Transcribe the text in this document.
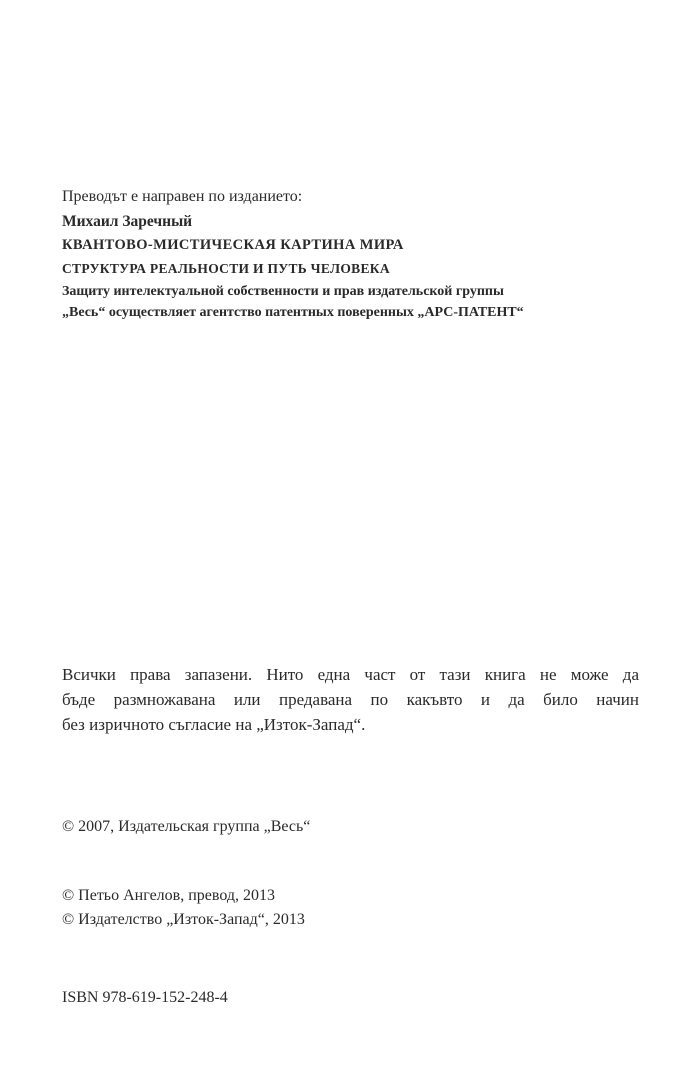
Преводът е направен по изданието:
Михаил Заречный
КВАНТОВО-МИСТИЧЕСКАЯ КАРТИНА МИРА
СТРУКТУРА РЕАЛЬНОСТИ И ПУТЬ ЧЕЛОВЕКА
Защиту интелектуальной собственности и прав издательской группы
„Весь“ осуществляет агентство патентных поверенных „АРС-ПАТЕНТ“
Всички права запазени. Нито една част от тази книга не може да
бъде размножавана или предавана по какъвто и да било начин
без изричното съгласие на „Изток-Запад“.
© 2007, Издательская группа „Весь“
© Петьо Ангелов, превод, 2013
© Издателство „Изток-Запад“, 2013
ISBN 978-619-152-248-4
